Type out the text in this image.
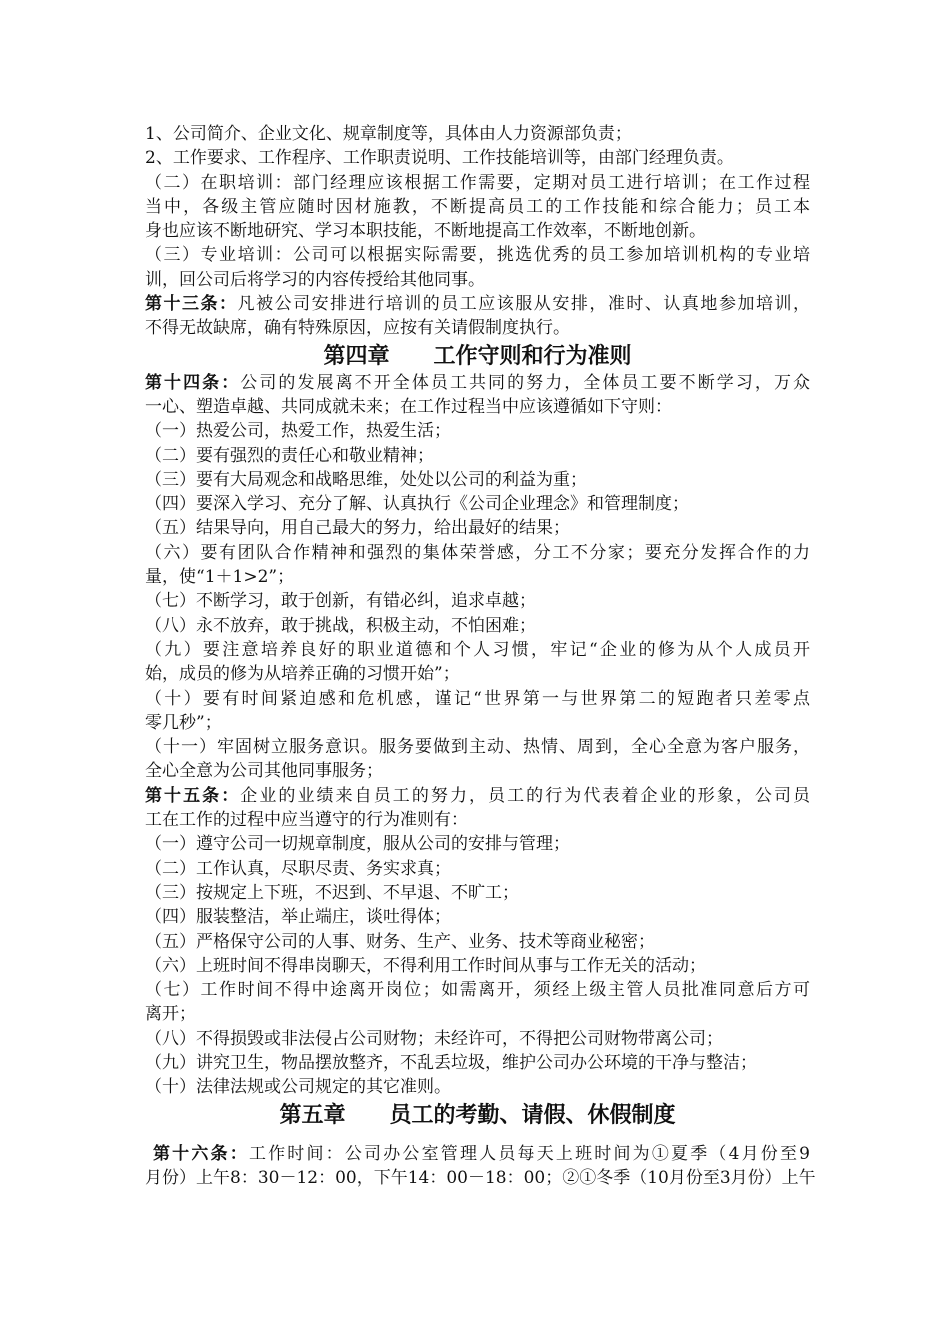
1、公司简介、企业文化、规章制度等，具体由人力资源部负责；
2、工作要求、工作程序、工作职责说明、工作技能培训等，由部门经理负责。
（二）在职培训：部门经理应该根据工作需要，定期对员工进行培训；在工作过程
当中，各级主管应随时因材施教，不断提高员工的工作技能和综合能力；员工本
身也应该不断地研究、学习本职技能，不断地提高工作效率，不断地创新。
（三）专业培训：公司可以根据实际需要，挑选优秀的员工参加培训机构的专业培
训，回公司后将学习的内容传授给其他同事。
第十三条：凡被公司安排进行培训的员工应该服从安排，准时、认真地参加培训，
不得无故缺席，确有特殊原因，应按有关请假制度执行。
第四章 工作守则和行为准则
第十四条：公司的发展离不开全体员工共同的努力，全体员工要不断学习，万众
一心、塑造卓越、共同成就未来；在工作过程当中应该遵循如下守则：
（一）热爱公司，热爱工作，热爱生活；
（二）要有强烈的责任心和敬业精神；
（三）要有大局观念和战略思维，处处以公司的利益为重；
（四）要深入学习、充分了解、认真执行《公司企业理念》和管理制度；
（五）结果导向，用自己最大的努力，给出最好的结果；
（六）要有团队合作精神和强烈的集体荣誉感，分工不分家；要充分发挥合作的力
量，使“1＋1>2”；
（七）不断学习，敢于创新，有错必纠，追求卓越；
（八）永不放弃，敢于挑战，积极主动，不怕困难；
（九）要注意培养良好的职业道德和个人习惯，牢记“企业的修为从个人成员开
始，成员的修为从培养正确的习惯开始”；
（十）要有时间紧迫感和危机感，谨记“世界第一与世界第二的短跑者只差零点
零几秒”；
（十一）牢固树立服务意识。服务要做到主动、热情、周到，全心全意为客户服务，
全心全意为公司其他同事服务；
第十五条：企业的业绩来自员工的努力，员工的行为代表着企业的形象，公司员
工在工作的过程中应当遵守的行为准则有：
（一）遵守公司一切规章制度，服从公司的安排与管理；
（二）工作认真，尽职尽责、务实求真；
（三）按规定上下班，不迟到、不早退、不旷工；
（四）服装整洁，举止端庄，谈吐得体；
（五）严格保守公司的人事、财务、生产、业务、技术等商业秘密；
（六）上班时间不得串岗聊天，不得利用工作时间从事与工作无关的活动；
（七）工作时间不得中途离开岗位；如需离开，须经上级主管人员批准同意后方可
离开；
（八）不得损毁或非法侵占公司财物；未经许可，不得把公司财物带离公司；
（九）讲究卫生，物品摆放整齐，不乱丢垃圾，维护公司办公环境的干净与整洁；
（十）法律法规或公司规定的其它准则。
第五章 员工的考勤、请假、休假制度
第十六条：工作时间：公司办公室管理人员每天上班时间为①夏季（4月份至9
月份）上午8：30－12：00，下午14：00－18：00；②①冬季（10月份至3月份）上午
